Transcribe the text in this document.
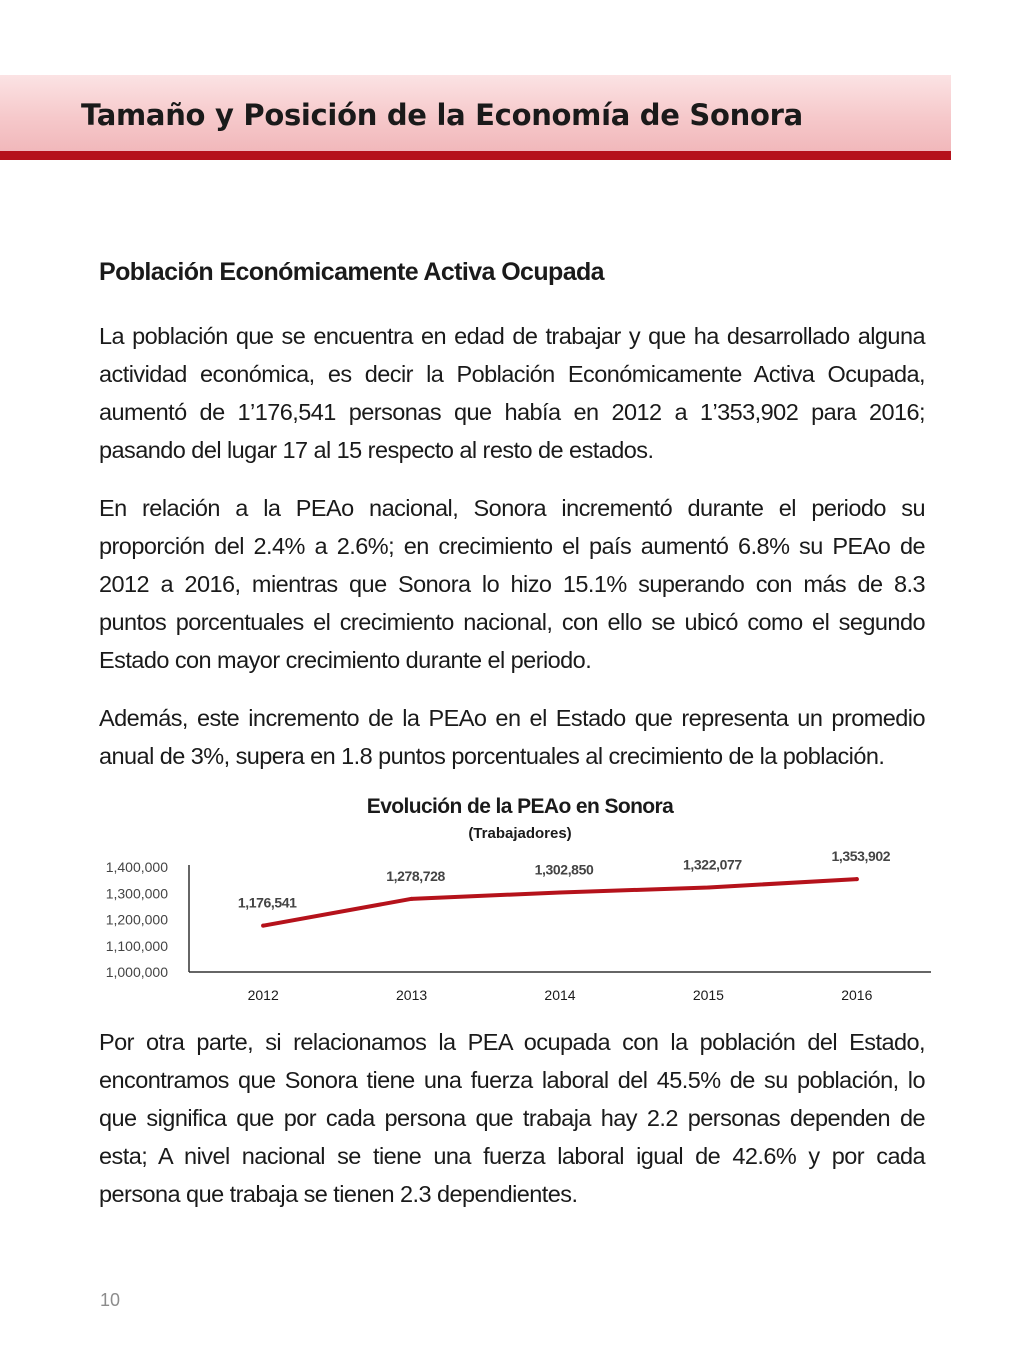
Tamaño y Posición de la Economía de Sonora
Población Económicamente Activa Ocupada

La población que se encuentra en edad de trabajar y que ha desarrollado alguna actividad económica, es decir la Población Económicamente Activa Ocupada, aumentó de 1’176,541 personas que había en 2012 a 1’353,902 para 2016; pasando del lugar 17 al 15 respecto al resto de estados.

En relación a la PEAo nacional, Sonora incrementó durante el periodo su proporción del 2.4% a 2.6%; en crecimiento el país aumentó 6.8% su PEAo de 2012 a 2016, mientras que Sonora lo hizo 15.1% superando con más de 8.3 puntos porcentuales el crecimiento nacional, con ello se ubicó como el segundo Estado con mayor crecimiento durante el periodo.

Además, este incremento de la PEAo en el Estado que representa un promedio anual de 3%, supera en 1.8 puntos porcentuales al crecimiento de la población.

Evolución de la PEAo en Sonora
(Trabajadores)
1,000,000
1,100,000
1,200,000
1,300,000
1,400,000
2012	2013	2014	2015	2016
1,176,541
1,278,728	1,302,850	1,322,077
1,353,902

Por otra parte, si relacionamos la PEA ocupada con la población del Estado, encontramos que Sonora tiene una fuerza laboral del 45.5% de su población, lo que significa que por cada persona que trabaja hay 2.2 personas dependen de esta; A nivel nacional se tiene una fuerza laboral igual de 42.6% y por cada persona que trabaja se tienen 2.3 dependientes.

10
